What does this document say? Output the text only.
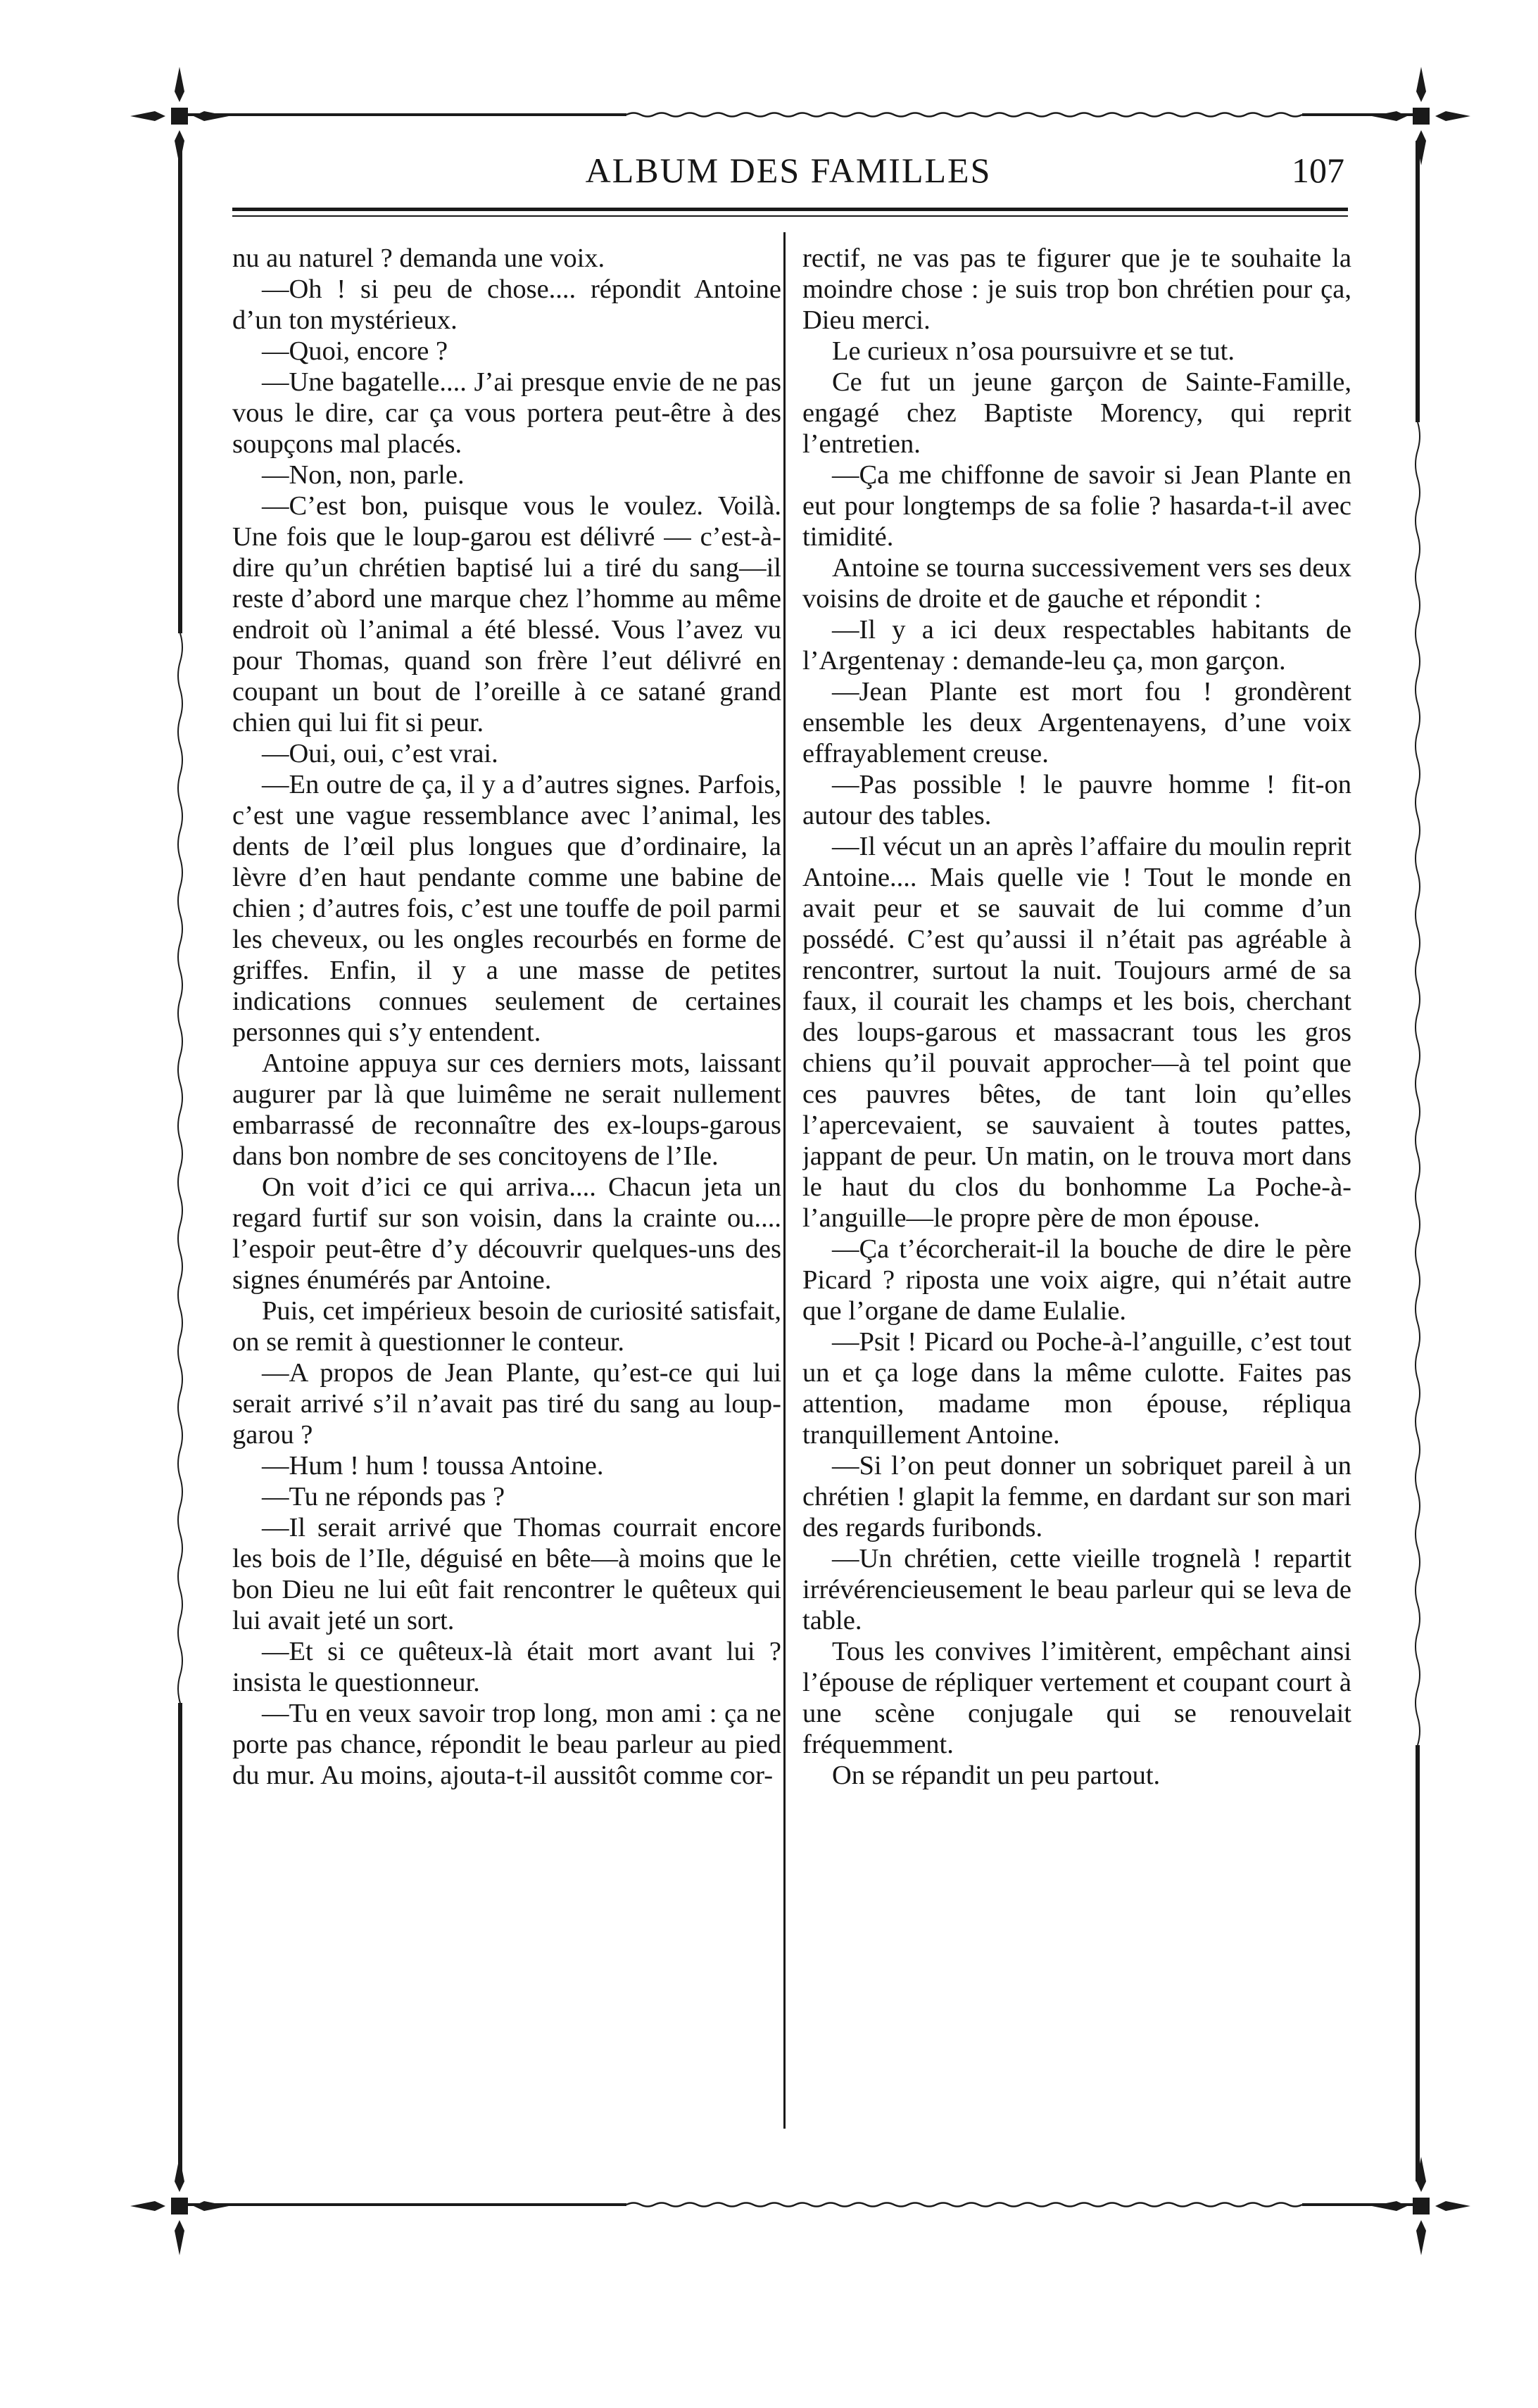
ALBUM DES FAMILLES	107

nu au naturel ? demanda une voix.

—Oh ! si peu de chose.... répondit Antoine d’un ton mystérieux.

—Quoi, encore ?

—Une bagatelle.... J’ai presque envie de ne pas vous le dire, car ça vous portera peut-être à des soupçons mal placés.

—Non, non, parle.

—C’est bon, puisque vous le voulez. Voilà. Une fois que le loup-garou est délivré — c’est-à-dire qu’un chrétien baptisé lui a tiré du sang—il reste d’abord une marque chez l’homme au même endroit où l’animal a été blessé. Vous l’avez vu pour Thomas, quand son frère l’eut délivré en coupant un bout de l’oreille à ce satané grand chien qui lui fit si peur.

—Oui, oui, c’est vrai.

—En outre de ça, il y a d’autres signes. Parfois, c’est une vague ressemblance avec l’animal, les dents de l’œil plus longues que d’ordinaire, la lèvre d’en haut pendante comme une babine de chien ; d’autres fois, c’est une touffe de poil parmi les cheveux, ou les ongles recourbés en forme de griffes. Enfin, il y a une masse de petites indications connues seulement de certaines personnes qui s’y entendent.

Antoine appuya sur ces derniers mots, laissant augurer par là que luimême ne serait nullement embarrassé de reconnaître des ex-loups-garous dans bon nombre de ses concitoyens de l’Ile.

On voit d’ici ce qui arriva.... Chacun jeta un regard furtif sur son voisin, dans la crainte ou.... l’espoir peut-être d’y découvrir quelques-uns des signes énumérés par Antoine.

Puis, cet impérieux besoin de curiosité satisfait, on se remit à questionner le conteur.

—A propos de Jean Plante, qu’est-ce qui lui serait arrivé s’il n’avait pas tiré du sang au loup-garou ?

—Hum ! hum ! toussa Antoine.

—Tu ne réponds pas ?

—Il serait arrivé que Thomas courrait encore les bois de l’Ile, déguisé en bête—à moins que le bon Dieu ne lui eût fait rencontrer le quêteux qui lui avait jeté un sort.

—Et si ce quêteux-là était mort avant lui ? insista le questionneur.

—Tu en veux savoir trop long, mon ami : ça ne porte pas chance, répondit le beau parleur au pied du mur. Au moins, ajouta-t-il aussitôt comme cor-

rectif, ne vas pas te figurer que je te souhaite la moindre chose : je suis trop bon chrétien pour ça, Dieu merci.

Le curieux n’osa poursuivre et se tut.

Ce fut un jeune garçon de Sainte-Famille, engagé chez Baptiste Morency, qui reprit l’entretien.

—Ça me chiffonne de savoir si Jean Plante en eut pour longtemps de sa folie ? hasarda-t-il avec timidité.

Antoine se tourna successivement vers ses deux voisins de droite et de gauche et répondit :

—Il y a ici deux respectables habitants de l’Argentenay : demande-leu ça, mon garçon.

—Jean Plante est mort fou ! grondèrent ensemble les deux Argentenayens, d’une voix effrayablement creuse.

—Pas possible ! le pauvre homme ! fit-on autour des tables.

—Il vécut un an après l’affaire du moulin reprit Antoine.... Mais quelle vie ! Tout le monde en avait peur et se sauvait de lui comme d’un possédé. C’est qu’aussi il n’était pas agréable à rencontrer, surtout la nuit. Toujours armé de sa faux, il courait les champs et les bois, cherchant des loups-garous et massacrant tous les gros chiens qu’il pouvait approcher—à tel point que ces pauvres bêtes, de tant loin qu’elles l’apercevaient, se sauvaient à toutes pattes, jappant de peur. Un matin, on le trouva mort dans le haut du clos du bonhomme La Poche-à-l’anguille—le propre père de mon épouse.

—Ça t’écorcherait-il la bouche de dire le père Picard ? riposta une voix aigre, qui n’était autre que l’organe de dame Eulalie.

—Psit ! Picard ou Poche-à-l’anguille, c’est tout un et ça loge dans la même culotte. Faites pas attention, madame mon épouse, répliqua tranquillement Antoine.

—Si l’on peut donner un sobriquet pareil à un chrétien ! glapit la femme, en dardant sur son mari des regards furibonds.

—Un chrétien, cette vieille trognelà ! repartit irrévérencieusement le beau parleur qui se leva de table.

Tous les convives l’imitèrent, empêchant ainsi l’épouse de répliquer vertement et coupant court à une scène conjugale qui se renouvelait fréquemment.

On se répandit un peu partout.
